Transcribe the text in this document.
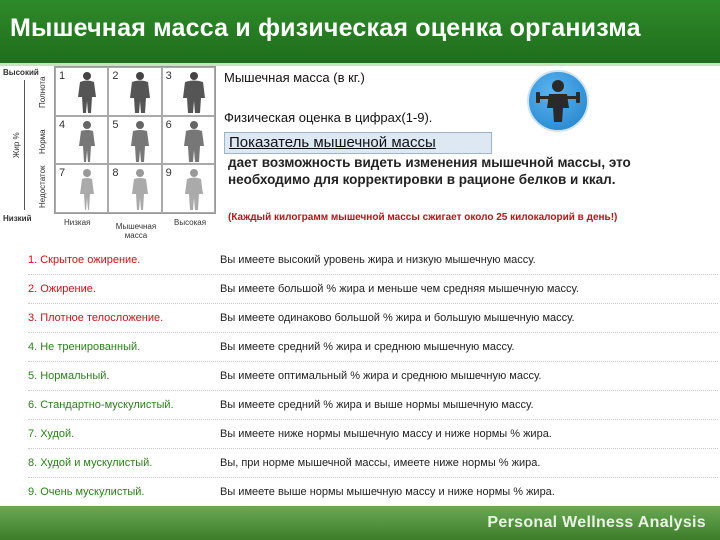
Мышечная масса и физическая оценка организма
Высокий
Низкий
Жир %
Полнота
Норма
Недостаток
1	2	3
4	5	6
7	8	9
Низкая	Мышечная масса
Высокая
Мышечная масса (в кг.)
Физическая оценка в цифрах(1-9).
Показатель мышечной массы
дает возможность видеть изменения мышечной массы, это необходимо для корректировки в рационе белков и ккал.
(Каждый килограмм мышечной массы сжигает около 25 килокалорий в день!)
1. Скрытое ожирение.	Вы имеете высокий уровень жира и низкую мышечную массу.
2. Ожирение.	Вы имеете большой % жира и меньше чем средняя мышечную массу.
3. Плотное телосложение.	Вы имеете одинаково большой % жира и большую мышечную массу.
4. Не тренированный.	Вы имеете средний % жира и среднюю мышечную массу.
5. Нормальный.	Вы имеете оптимальный % жира и среднюю мышечную массу.
6. Стандартно-мускулистый.	Вы имеете средний % жира и выше нормы мышечную массу.
7. Худой.	Вы имеете ниже нормы мышечную массу и ниже нормы % жира.
8. Худой и мускулистый.	Вы, при норме мышечной массы, имеете ниже нормы % жира.
9. Очень мускулистый.	Вы имеете выше нормы мышечную массу и ниже нормы % жира.
Personal Wellness Analysis
